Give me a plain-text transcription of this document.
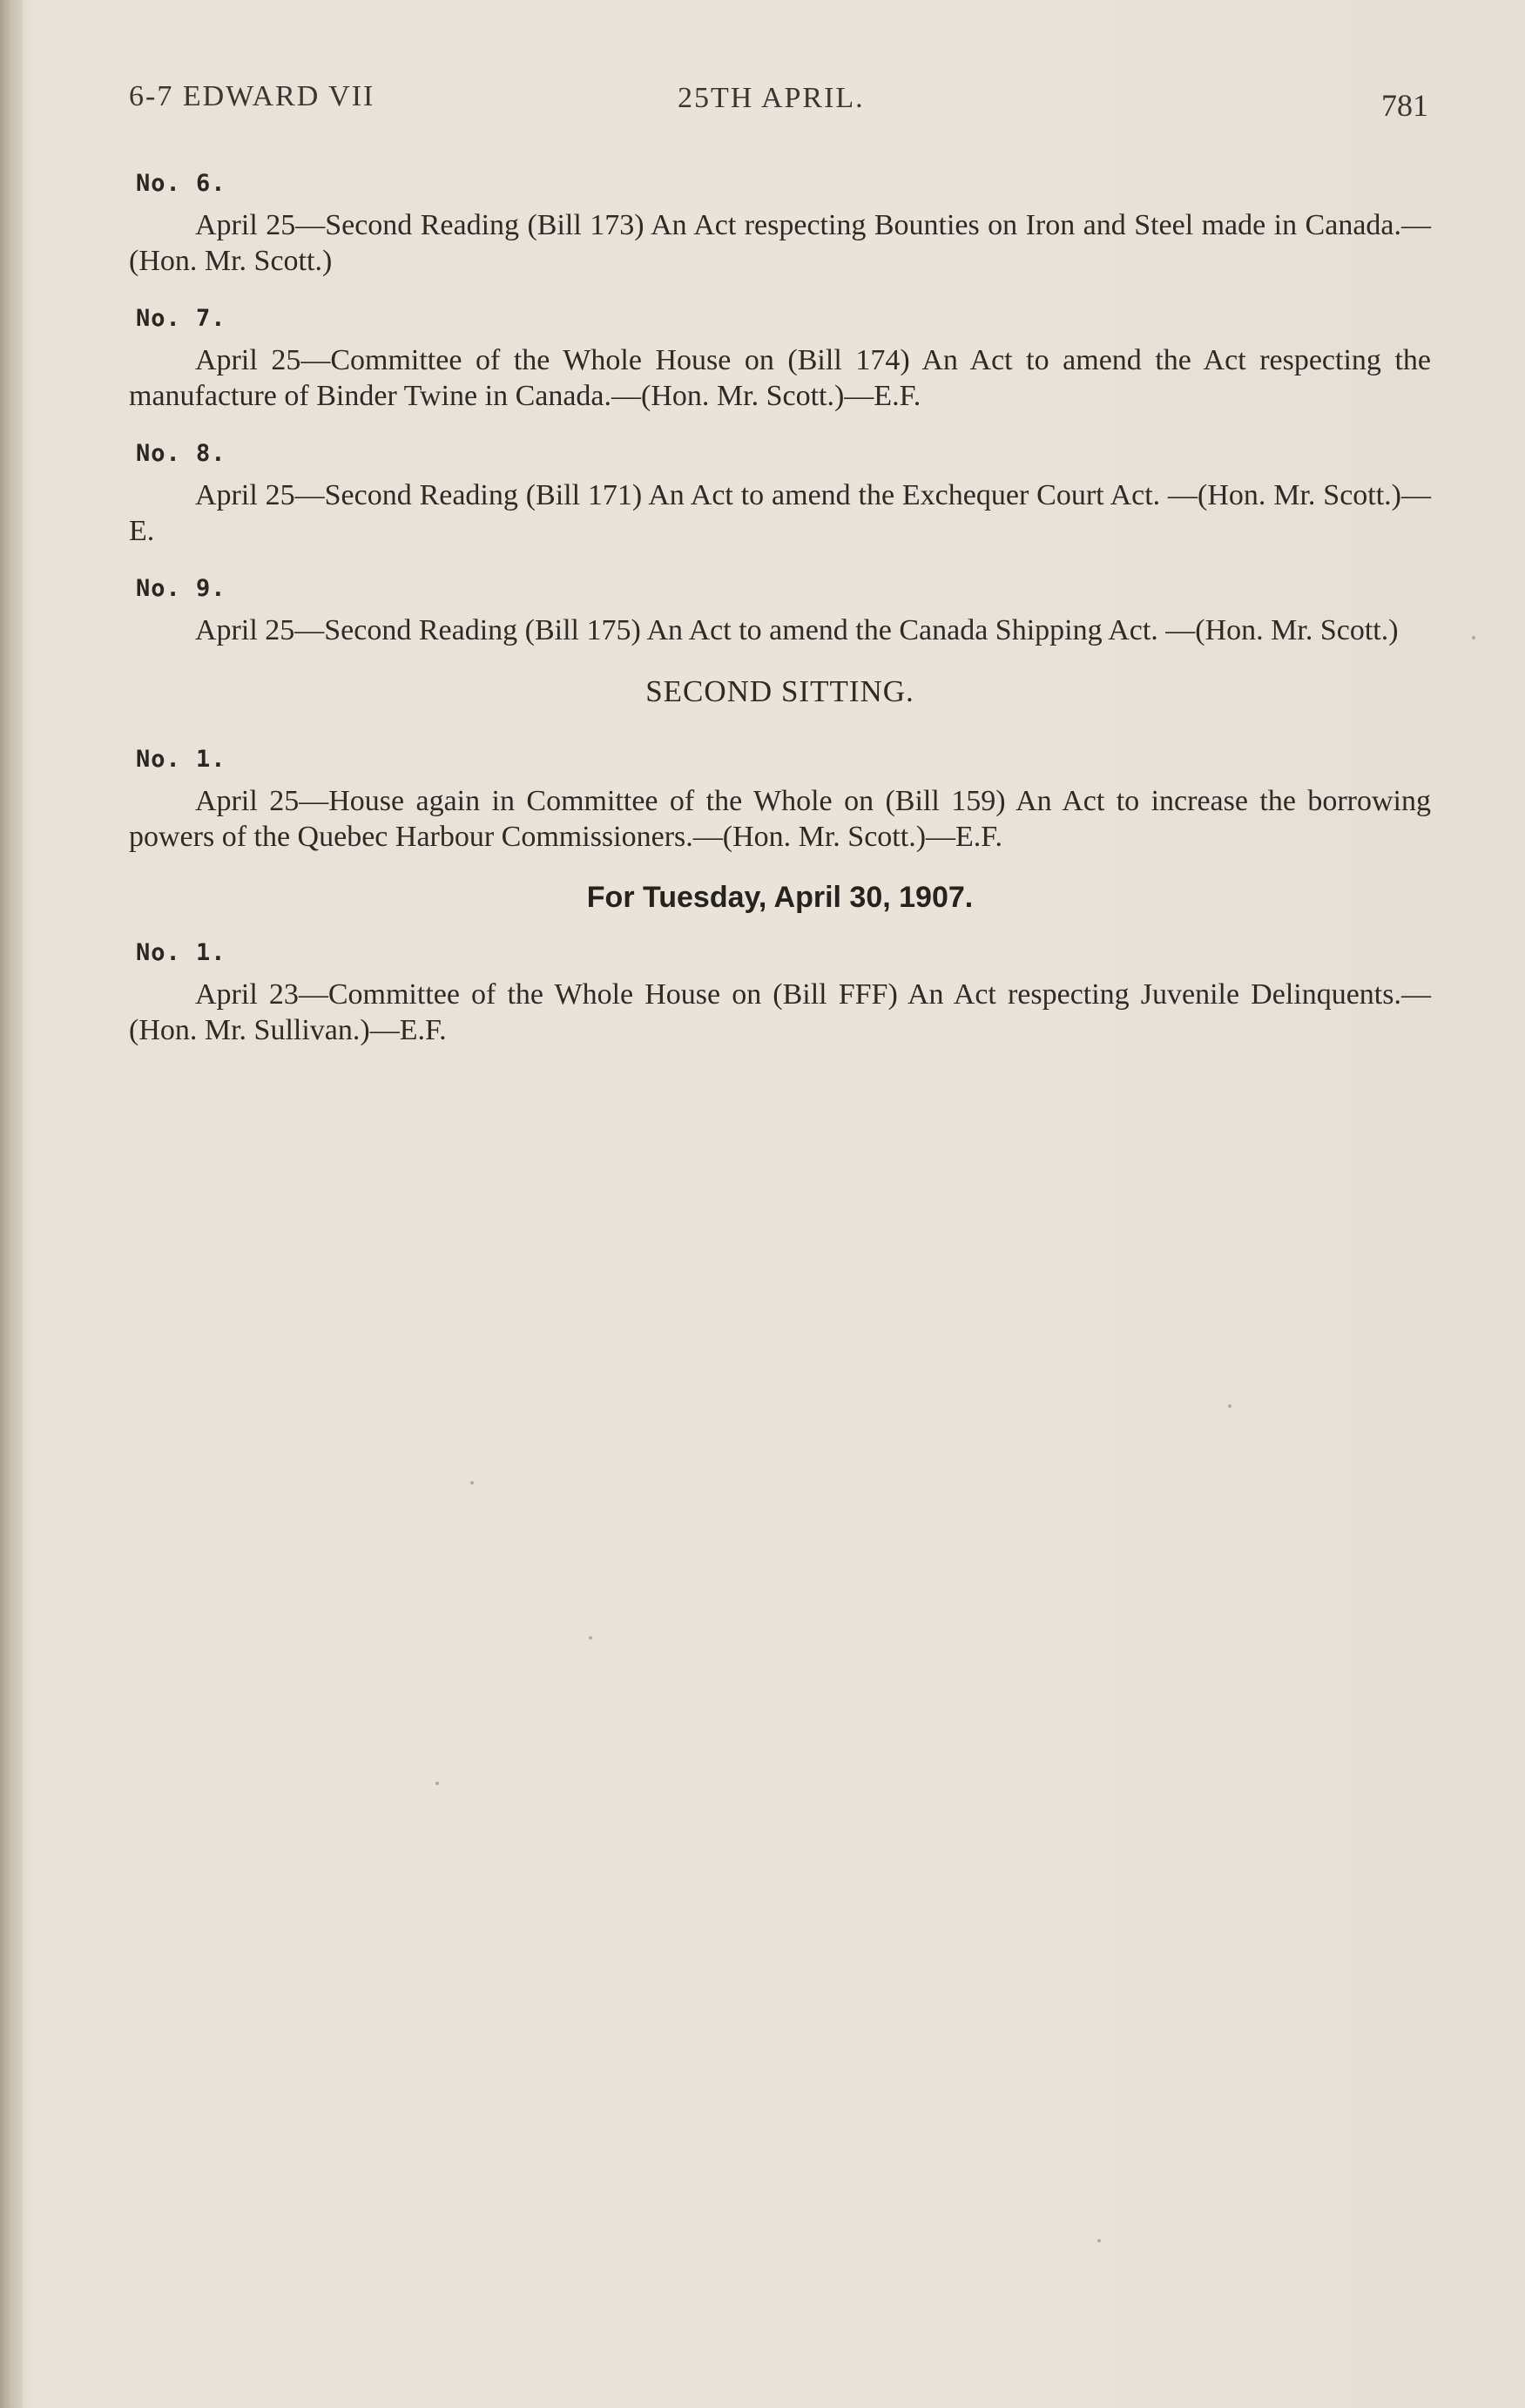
6-7 EDWARD VII	25TH APRIL.	781
No. 6.

April 25—Second Reading (Bill 173) An Act respecting Bounties on Iron and Steel made in Canada.—(Hon. Mr. Scott.)

No. 7.

April 25—Committee of the Whole House on (Bill 174) An Act to amend the Act respecting the manufacture of Binder Twine in Canada.—(Hon. Mr. Scott.)—E.F.

No. 8.

April 25—Second Reading (Bill 171) An Act to amend the Exchequer Court Act. —(Hon. Mr. Scott.)—E.

No. 9.

April 25—Second Reading (Bill 175) An Act to amend the Canada Shipping Act. —(Hon. Mr. Scott.)

SECOND SITTING.
No. 1.

April 25—House again in Committee of the Whole on (Bill 159) An Act to increase the borrowing powers of the Quebec Harbour Commissioners.—(Hon. Mr. Scott.)—E.F.

For Tuesday, April 30, 1907.
No. 1.

April 23—Committee of the Whole House on (Bill FFF) An Act respecting Juvenile Delinquents.—(Hon. Mr. Sullivan.)—E.F.
